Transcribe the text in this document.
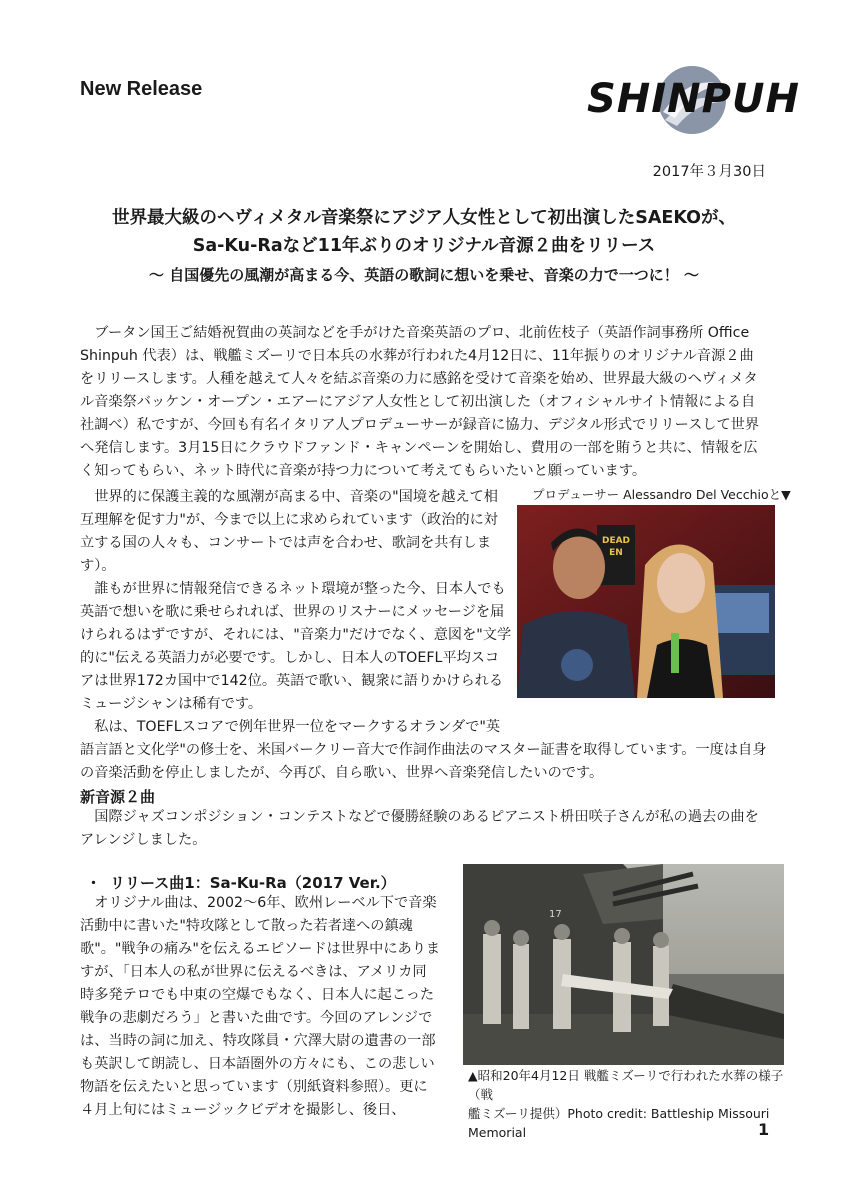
New Release	SHINPUH
2017年３月30日
世界最大級のヘヴィメタル音楽祭にアジア人女性として初出演したSAEKOが、
Sa-Ku-Raなど11年ぶりのオリジナル音源２曲をリリース
〜 自国優先の風潮が高まる今、英語の歌詞に想いを乗せ、音楽の力で一つに！ 〜
ブータン国王ご結婚祝賀曲の英詞などを手がけた音楽英語のプロ、北前佐枝子（英語作詞事務所 Office
Shinpuh 代表）は、戦艦ミズーリで日本兵の水葬が行われた4月12日に、11年振りのオリジナル音源２曲
をリリースします。人種を越えて人々を結ぶ音楽の力に感銘を受けて音楽を始め、世界最大級のヘヴィメタ
ル音楽祭バッケン・オープン・エアーにアジア人女性として初出演した（オフィシャルサイト情報による自
社調べ）私ですが、今回も有名イタリア人プロデューサーが録音に協力、デジタル形式でリリースして世界
へ発信します。3月15日にクラウドファンド・キャンペーンを開始し、費用の一部を賄うと共に、情報を広
く知ってもらい、ネット時代に音楽が持つ力について考えてもらいたいと願っています。
プロデューサー Alessandro Del Vecchioと▼
DEAD EN
世界的に保護主義的な風潮が高まる中、音楽の"国境を越えて相
互理解を促す力"が、今まで以上に求められています（政治的に対
立する国の人々も、コンサートでは声を合わせ、歌詞を共有しま
す）。
誰もが世界に情報発信できるネット環境が整った今、日本人でも
英語で想いを歌に乗せられれば、世界のリスナーにメッセージを届
けられるはずですが、それには、"音楽力"だけでなく、意図を"文学
的に"伝える英語力が必要です。しかし、日本人のTOEFL平均スコ
アは世界172カ国中で142位。英語で歌い、観衆に語りかけられる
ミュージシャンは稀有です。
私は、TOEFLスコアで例年世界一位をマークするオランダで"英
語言語と文化学"の修士を、米国バークリー音大で作詞作曲法のマスター証書を取得しています。一度は自身
の音楽活動を停止しましたが、今再び、自ら歌い、世界へ音楽発信したいのです。
新音源２曲
国際ジャズコンポジション・コンテストなどで優勝経験のあるピアニスト枡田咲子さんが私の過去の曲を
アレンジしました。
・ リリース曲1：Sa-Ku-Ra（2017 Ver.）
オリジナル曲は、2002〜6年、欧州レーベル下で音楽
活動中に書いた"特攻隊として散った若者達への鎮魂
歌"。"戦争の痛み"を伝えるエピソードは世界中にありま
すが、「日本人の私が世界に伝えるべきは、アメリカ同
時多発テロでも中東の空爆でもなく、日本人に起こった
戦争の悲劇だろう」と書いた曲です。今回のアレンジで
は、当時の詞に加え、特攻隊員・穴澤大尉の遺書の一部
も英訳して朗読し、日本語圏外の方々にも、この悲しい
物語を伝えたいと思っています（別紙資料参照）。更に
４月上旬にはミュージックビデオを撮影し、後日、
17
▲昭和20年4月12日 戦艦ミズーリで行われた水葬の様子（戦
艦ミズーリ提供）Photo credit: Battleship Missouri Memorial	1
